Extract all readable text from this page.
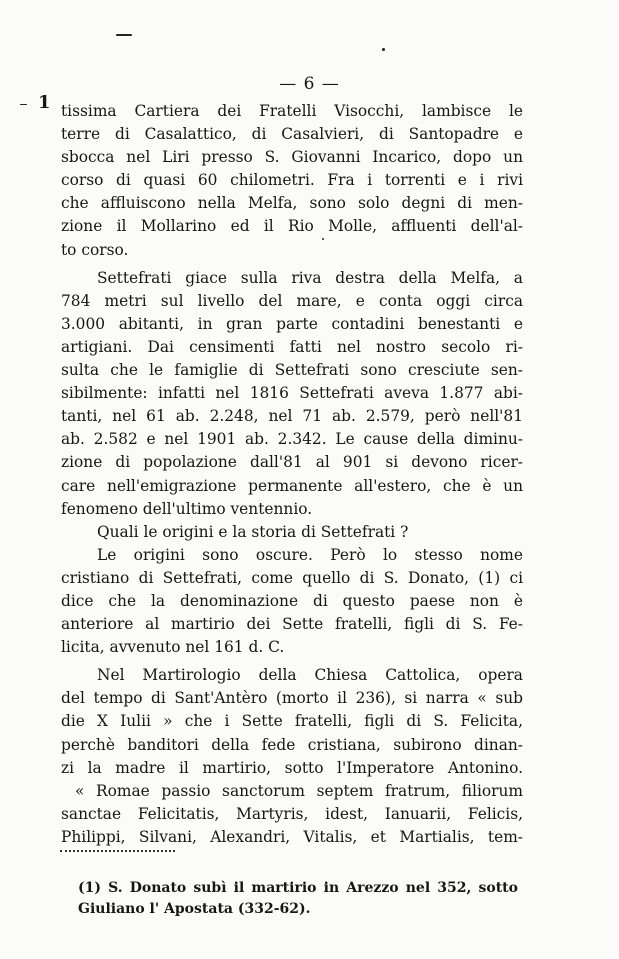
— 6 —
1 tissima Cartiera dei Fratelli Visocchi, lambisce le
terre di Casalattico, di Casalvieri, di Santopadre e
sbocca nel Liri presso S. Giovanni Incarico, dopo un
corso di quasi 60 chilometri. Fra i torrenti e i rivi
che affluiscono nella Melfa, sono solo degni di men-
zione il Mollarino ed il Rio Molle, affluenti dell'al-
to corso.
Settefrati giace sulla riva destra della Melfa, a
784 metri sul livello del mare, e conta oggi circa
3.000 abitanti, in gran parte contadini benestanti e
artigiani. Dai censimenti fatti nel nostro secolo ri-
sulta che le famiglie di Settefrati sono cresciute sen-
sibilmente: infatti nel 1816 Settefrati aveva 1.877 abi-
tanti, nel 61 ab. 2.248, nel 71 ab. 2.579, però nell'81
ab. 2.582 e nel 1901 ab. 2.342. Le cause della diminu-
zione di popolazione dall'81 al 901 si devono ricer-
care nell'emigrazione permanente all'estero, che è un
fenomeno dell'ultimo ventennio.
Quali le origini e la storia di Settefrati ?
Le origini sono oscure. Però lo stesso nome
cristiano di Settefrati, come quello di S. Donato, (1) ci
dice che la denominazione di questo paese non è
anteriore al martirio dei Sette fratelli, figli di S. Fe-
licita, avvenuto nel 161 d. C.
Nel Martirologio della Chiesa Cattolica, opera
del tempo di Sant'Antèro (morto il 236), si narra « sub
die X Iulii » che i Sette fratelli, figli di S. Felicita,
perchè banditori della fede cristiana, subirono dinan-
zi la madre il martirio, sotto l'Imperatore Antonino.
« Romae passio sanctorum septem fratrum, filiorum
sanctae Felicitatis, Martyris, idest, Ianuarii, Felicis,
Philippi, Silvani, Alexandri, Vitalis, et Martialis, tem-
(1) S. Donato subì il martirio in Arezzo nel 352, sotto
Giuliano l' Apostata (332-62).
